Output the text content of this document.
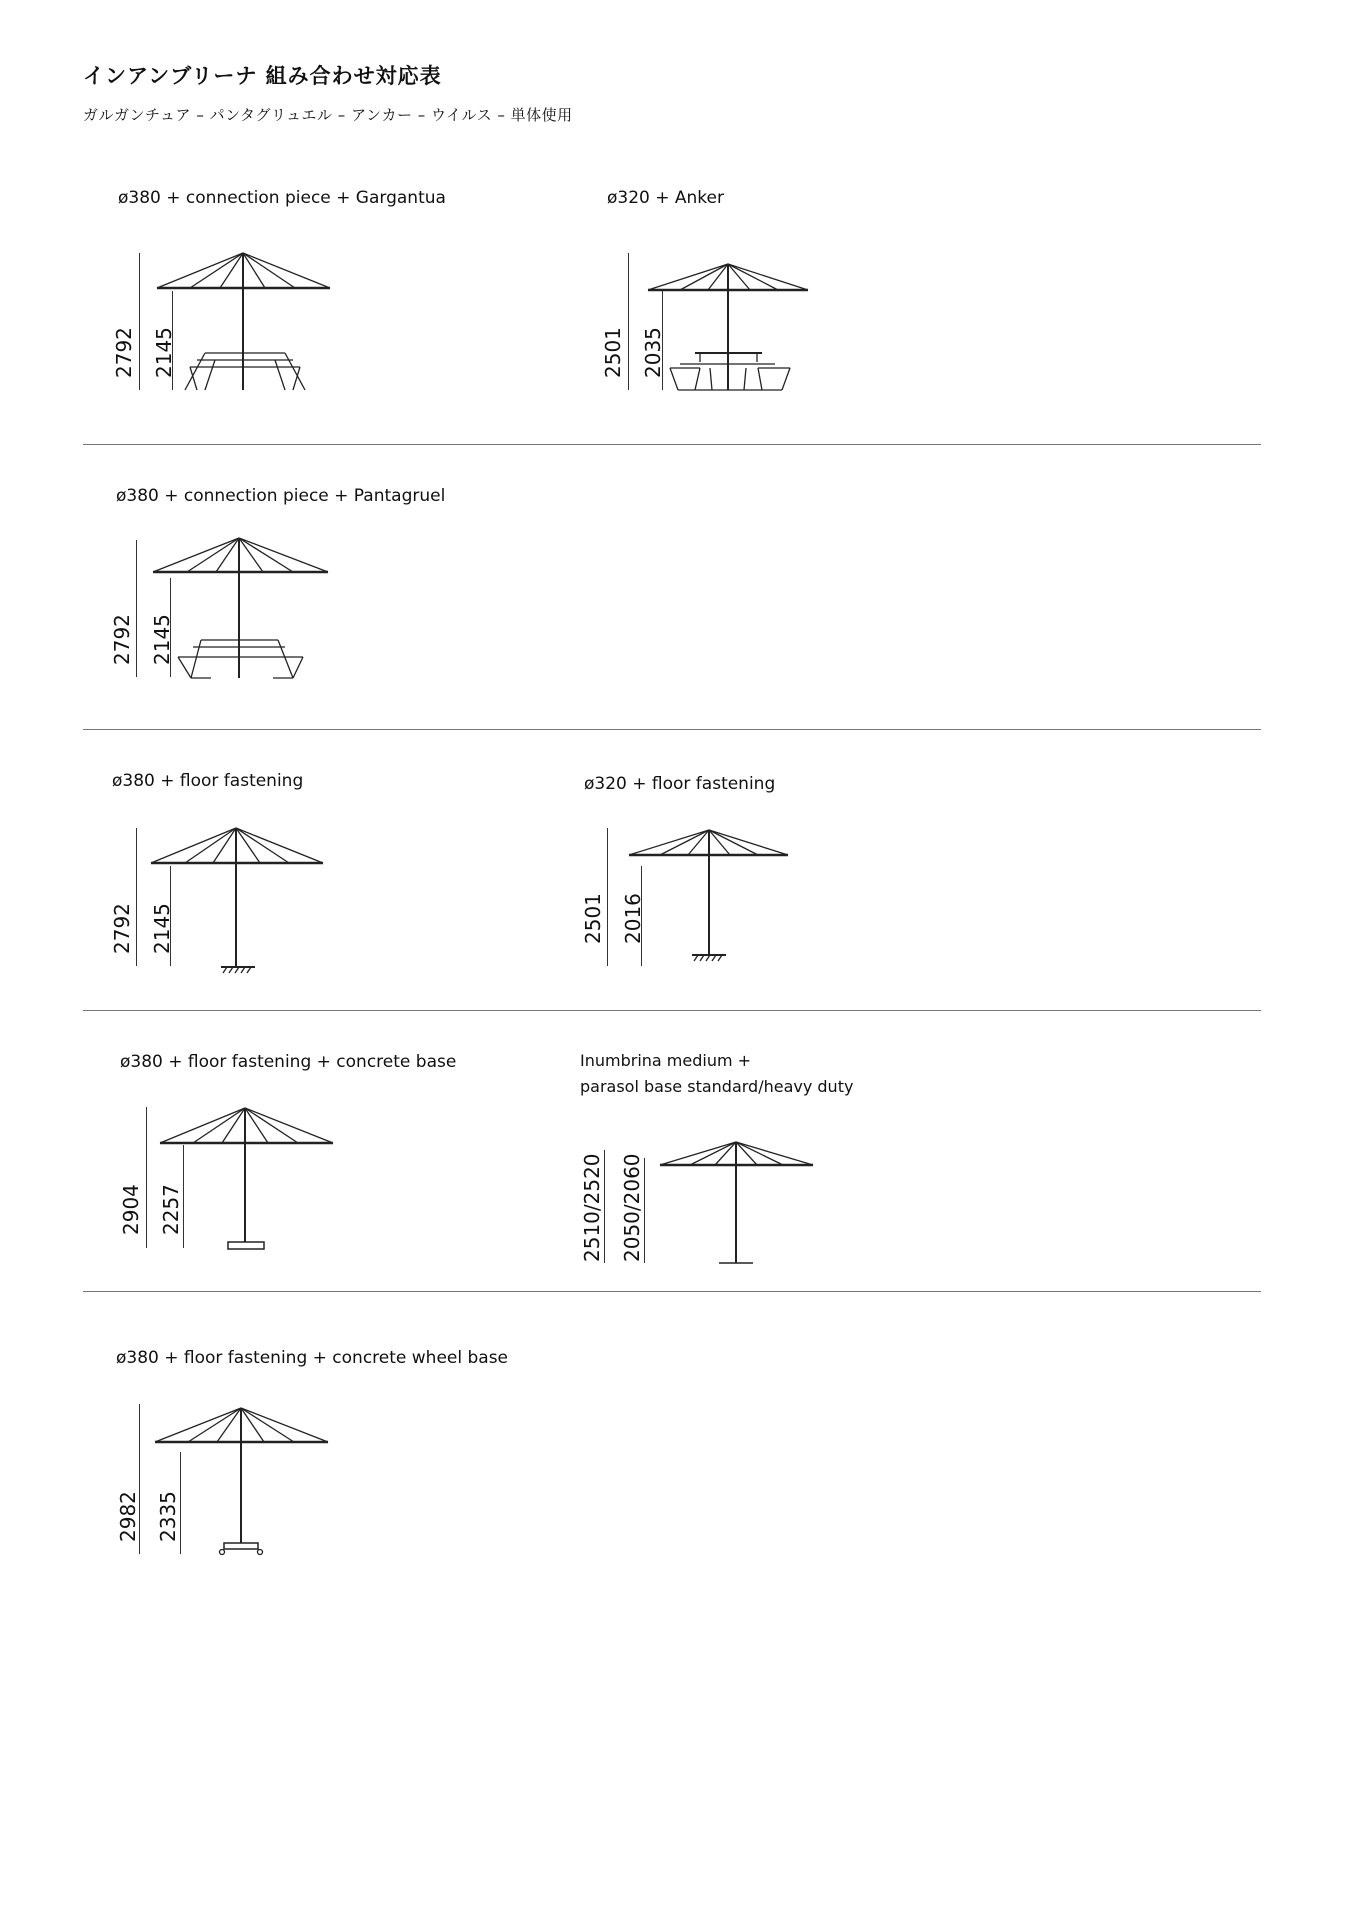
インアンブリーナ 組み合わせ対応表
ガルガンチュア – パンタグリュエル – アンカー – ウイルス – 単体使用
ø380 + connection piece + Gargantua
2792 2145
ø320 + Anker
2501 2035
ø380 + connection piece + Pantagruel
2792 2145
ø380 + floor fastening
2792 2145
ø320 + floor fastening
2501 2016
ø380 + floor fastening + concrete base
2904 2257
Inumbrina medium +
parasol base standard/heavy duty
2510/2520 2050/2060
ø380 + floor fastening + concrete wheel base
2982 2335
